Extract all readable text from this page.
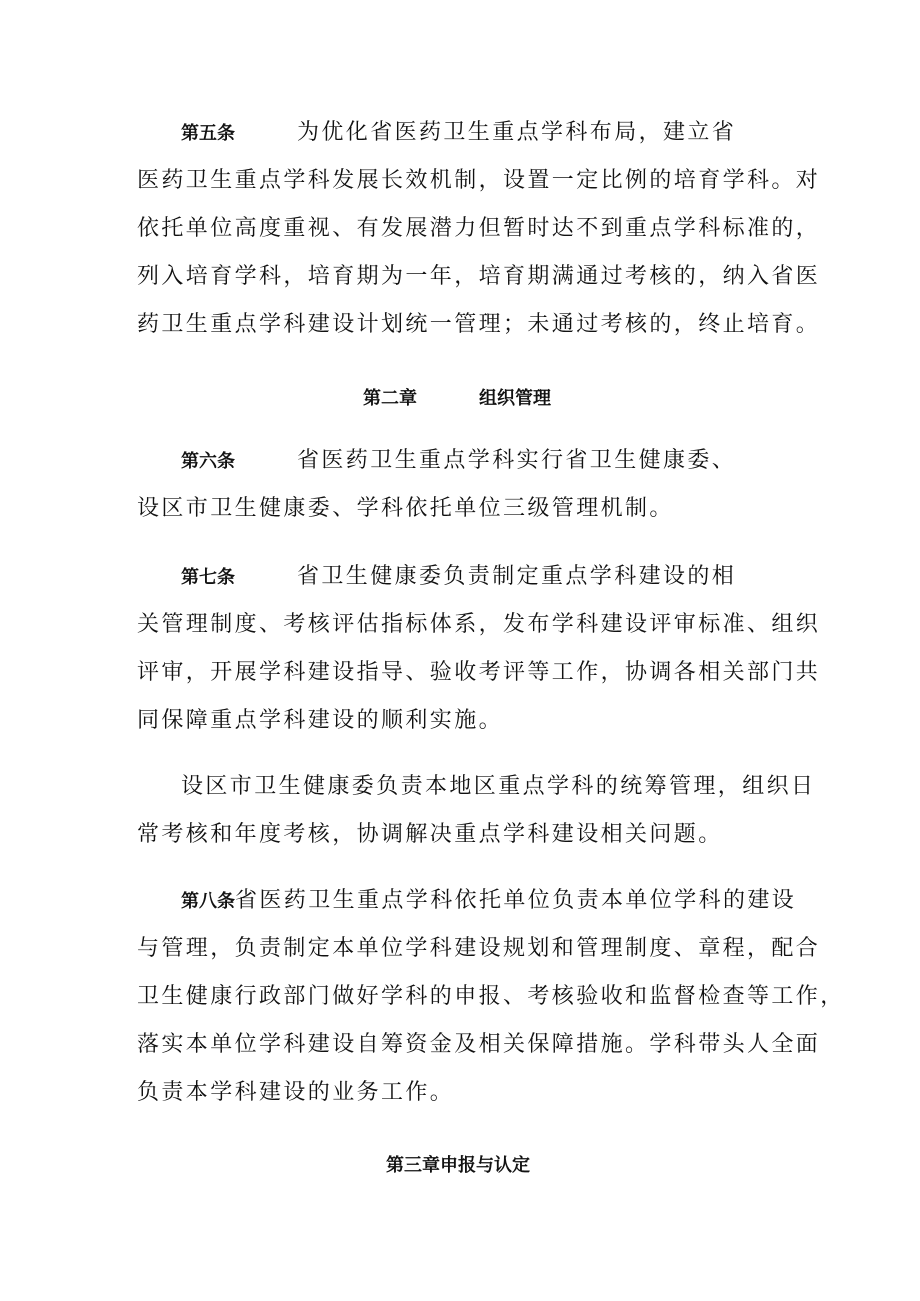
第五条	为优化省医药卫生重点学科布局，建立省
医药卫生重点学科发展长效机制，设置一定比例的培育学科。对
依托单位高度重视、有发展潜力但暂时达不到重点学科标准的，
列入培育学科，培育期为一年，培育期满通过考核的，纳入省医
药卫生重点学科建设计划统一管理；未通过考核的，终止培育。
第二章	组织管理
第六条	省医药卫生重点学科实行省卫生健康委、
设区市卫生健康委、学科依托单位三级管理机制。
第七条	省卫生健康委负责制定重点学科建设的相
关管理制度、考核评估指标体系，发布学科建设评审标准、组织
评审，开展学科建设指导、验收考评等工作，协调各相关部门共
同保障重点学科建设的顺利实施。
设区市卫生健康委负责本地区重点学科的统筹管理，组织日
常考核和年度考核，协调解决重点学科建设相关问题。
第八条省医药卫生重点学科依托单位负责本单位学科的建设
与管理，负责制定本单位学科建设规划和管理制度、章程，配合
卫生健康行政部门做好学科的申报、考核验收和监督检查等工作，
落实本单位学科建设自筹资金及相关保障措施。学科带头人全面
负责本学科建设的业务工作。
第三章申报与认定
